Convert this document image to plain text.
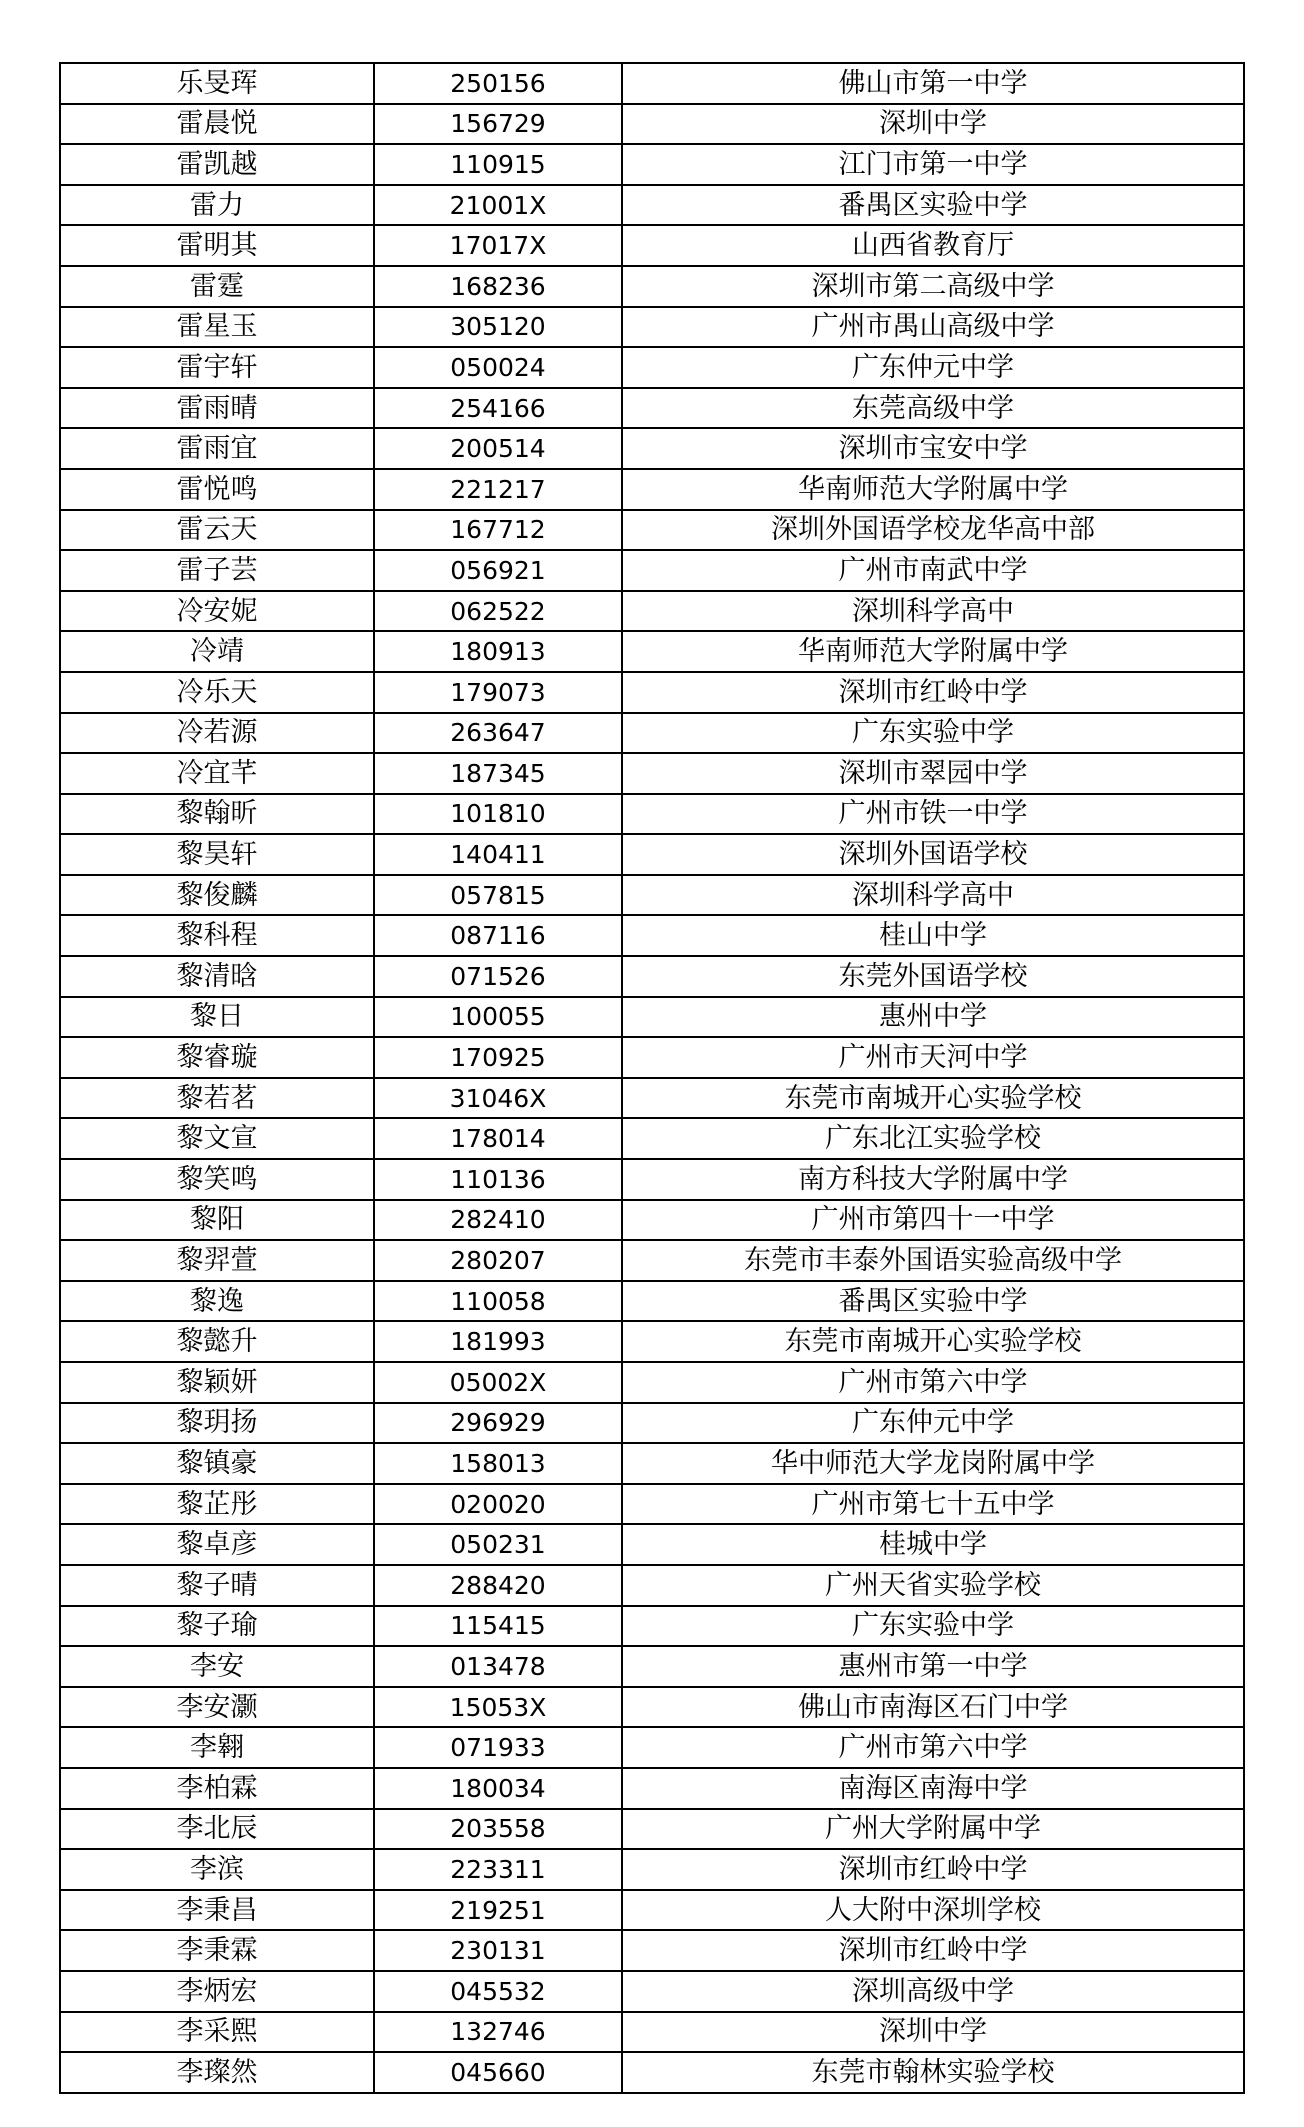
乐旻珲	250156	佛山市第一中学
雷晨悦	156729	深圳中学
雷凯越	110915	江门市第一中学
雷力	21001X	番禺区实验中学
雷明其	17017X	山西省教育厅
雷霆	168236	深圳市第二高级中学
雷星玉	305120	广州市禺山高级中学
雷宇轩	050024	广东仲元中学
雷雨晴	254166	东莞高级中学
雷雨宜	200514	深圳市宝安中学
雷悦鸣	221217	华南师范大学附属中学
雷云天	167712	深圳外国语学校龙华高中部
雷子芸	056921	广州市南武中学
冷安妮	062522	深圳科学高中
冷靖	180913	华南师范大学附属中学
冷乐天	179073	深圳市红岭中学
冷若源	263647	广东实验中学
冷宜芊	187345	深圳市翠园中学
黎翰昕	101810	广州市铁一中学
黎昊轩	140411	深圳外国语学校
黎俊麟	057815	深圳科学高中
黎科程	087116	桂山中学
黎清晗	071526	东莞外国语学校
黎日	100055	惠州中学
黎睿璇	170925	广州市天河中学
黎若茗	31046X	东莞市南城开心实验学校
黎文宣	178014	广东北江实验学校
黎笑鸣	110136	南方科技大学附属中学
黎阳	282410	广州市第四十一中学
黎羿萱	280207	东莞市丰泰外国语实验高级中学
黎逸	110058	番禺区实验中学
黎懿升	181993	东莞市南城开心实验学校
黎颖妍	05002X	广州市第六中学
黎玥扬	296929	广东仲元中学
黎镇豪	158013	华中师范大学龙岗附属中学
黎芷彤	020020	广州市第七十五中学
黎卓彦	050231	桂城中学
黎子晴	288420	广州天省实验学校
黎子瑜	115415	广东实验中学
李安	013478	惠州市第一中学
李安灏	15053X	佛山市南海区石门中学
李翱	071933	广州市第六中学
李柏霖	180034	南海区南海中学
李北辰	203558	广州大学附属中学
李滨	223311	深圳市红岭中学
李秉昌	219251	人大附中深圳学校
李秉霖	230131	深圳市红岭中学
李炳宏	045532	深圳高级中学
李采熙	132746	深圳中学
李璨然	045660	东莞市翰林实验学校
